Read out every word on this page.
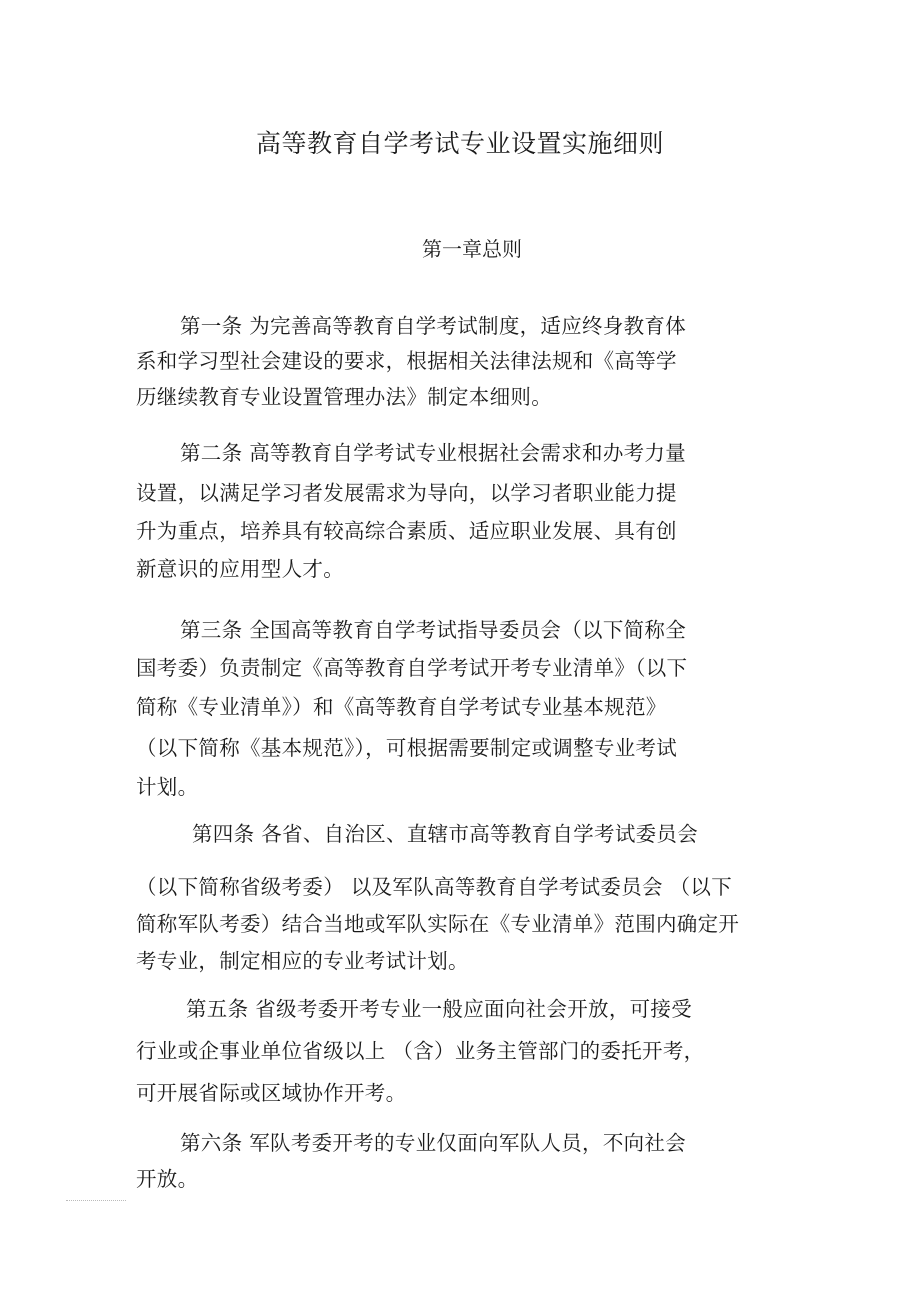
高等教育自学考试专业设置实施细则
第一章总则
第一条 为完善高等教育自学考试制度，适应终身教育体
系和学习型社会建设的要求，根据相关法律法规和《高等学
历继续教育专业设置管理办法》制定本细则。
第二条 高等教育自学考试专业根据社会需求和办考力量
设置，以满足学习者发展需求为导向，以学习者职业能力提
升为重点，培养具有较高综合素质、适应职业发展、具有创
新意识的应用型人才。
第三条 全国高等教育自学考试指导委员会（以下简称全
国考委）负责制定《高等教育自学考试开考专业清单》（以下
简称《专业清单》）和《高等教育自学考试专业基本规范》
（以下简称《基本规范》），可根据需要制定或调整专业考试
计划。
第四条 各省、自治区、直辖市高等教育自学考试委员会
（以下简称省级考委） 以及军队高等教育自学考试委员会 （以下
简称军队考委）结合当地或军队实际在《专业清单》范围内确定开
考专业，制定相应的专业考试计划。
第五条 省级考委开考专业一般应面向社会开放，可接受
行业或企事业单位省级以上 （含）业务主管部门的委托开考，
可开展省际或区域协作开考。
第六条 军队考委开考的专业仅面向军队人员，不向社会
开放。
